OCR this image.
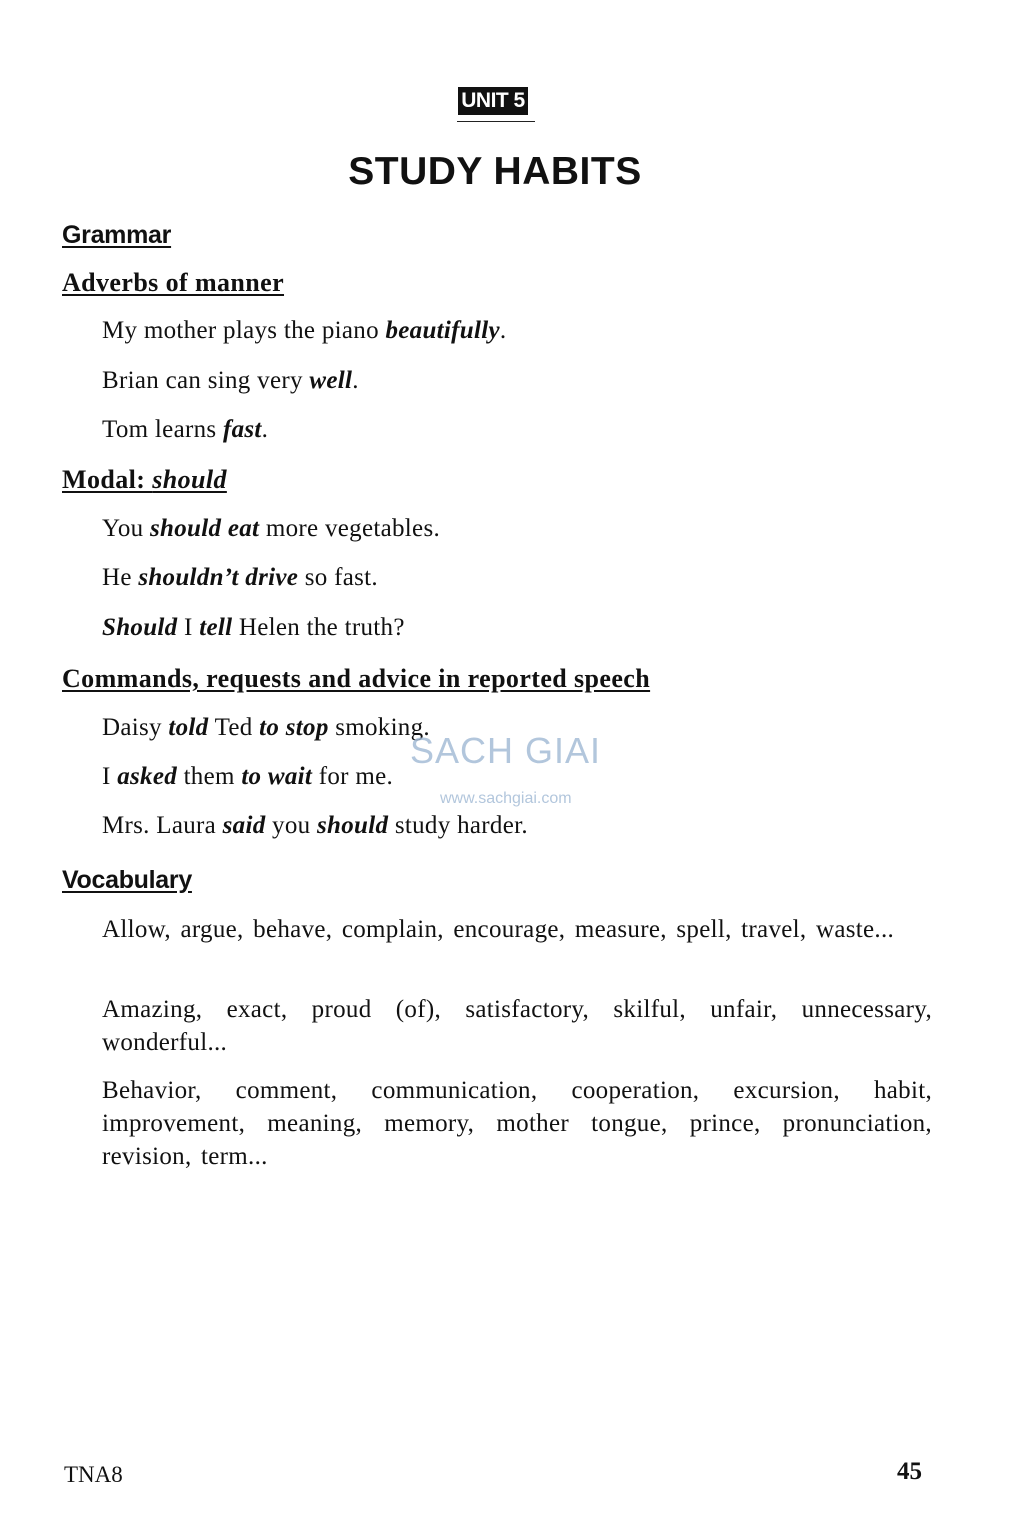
UNIT 5
STUDY HABITS
Grammar
Adverbs of manner

My mother plays the piano beautifully.

Brian can sing very well.

Tom learns fast.

Modal: should

You should eat more vegetables.

He shouldn’t drive so fast.

Should I tell Helen the truth?

Commands, requests and advice in reported speech

Daisy told Ted to stop smoking.

I asked them to wait for me.

Mrs. Laura said you should study harder.

Vocabulary

Allow, argue, behave, complain, encourage, measure, spell, travel, waste...

Amazing, exact, proud (of), satisfactory, skilful, unfair, unnecessary, wonderful...

Behavior, comment, communication, cooperation, excursion, habit, improvement, meaning, memory, mother tongue, prince, pronunciation, revision, term...

SACH GIAI
www.sachgiai.com

TNA8	45
